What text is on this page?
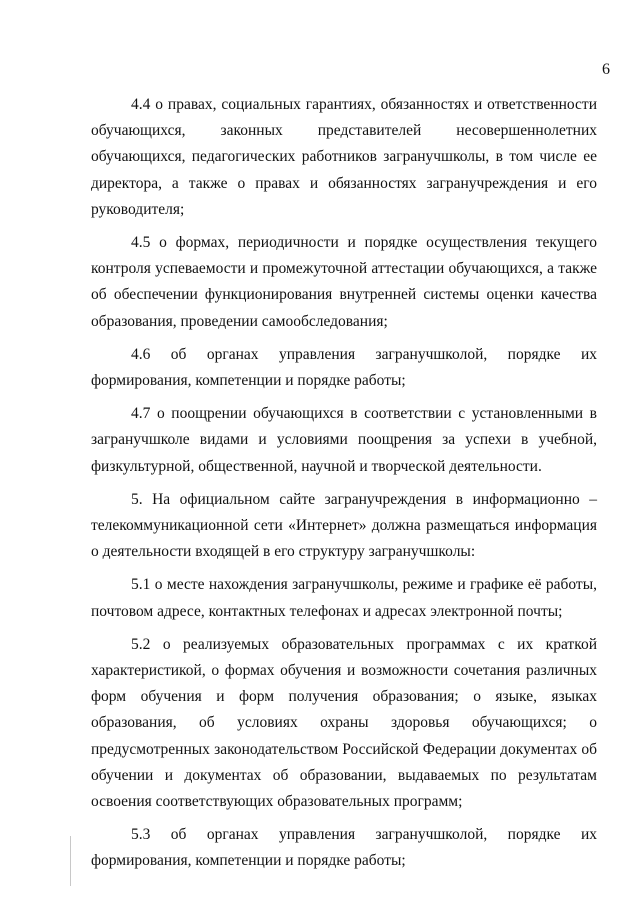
6

4.4 о правах, социальных гарантиях, обязанностях и ответственности обучающихся, законных представителей несовершеннолетних обучающихся, педагогических работников загранучшколы, в том числе ее директора, а также о правах и обязанностях загранучреждения и его руководителя;

4.5 о формах, периодичности и порядке осуществления текущего контроля успеваемости и промежуточной аттестации обучающихся, а также об обеспечении функционирования внутренней системы оценки качества образования, проведении самообследования;

4.6 об органах управления загранучшколой, порядке их формирования, компетенции и порядке работы;

4.7 о поощрении обучающихся в соответствии с установленными в загранучшколе видами и условиями поощрения за успехи в учебной, физкультурной, общественной, научной и творческой деятельности.

5. На официальном сайте загранучреждения в информационно – телекоммуникационной сети «Интернет» должна размещаться информация о деятельности входящей в его структуру загранучшколы:

5.1 о месте нахождения загранучшколы, режиме и графике её работы, почтовом адресе, контактных телефонах и адресах электронной почты;

5.2 о реализуемых образовательных программах с их краткой характеристикой, о формах обучения и возможности сочетания различных форм обучения и форм получения образования; о языке, языках образования, об условиях охраны здоровья обучающихся; о предусмотренных законодательством Российской Федерации документах об обучении и документах об образовании, выдаваемых по результатам освоения соответствующих образовательных программ;

5.3 об органах управления загранучшколой, порядке их формирования, компетенции и порядке работы;
